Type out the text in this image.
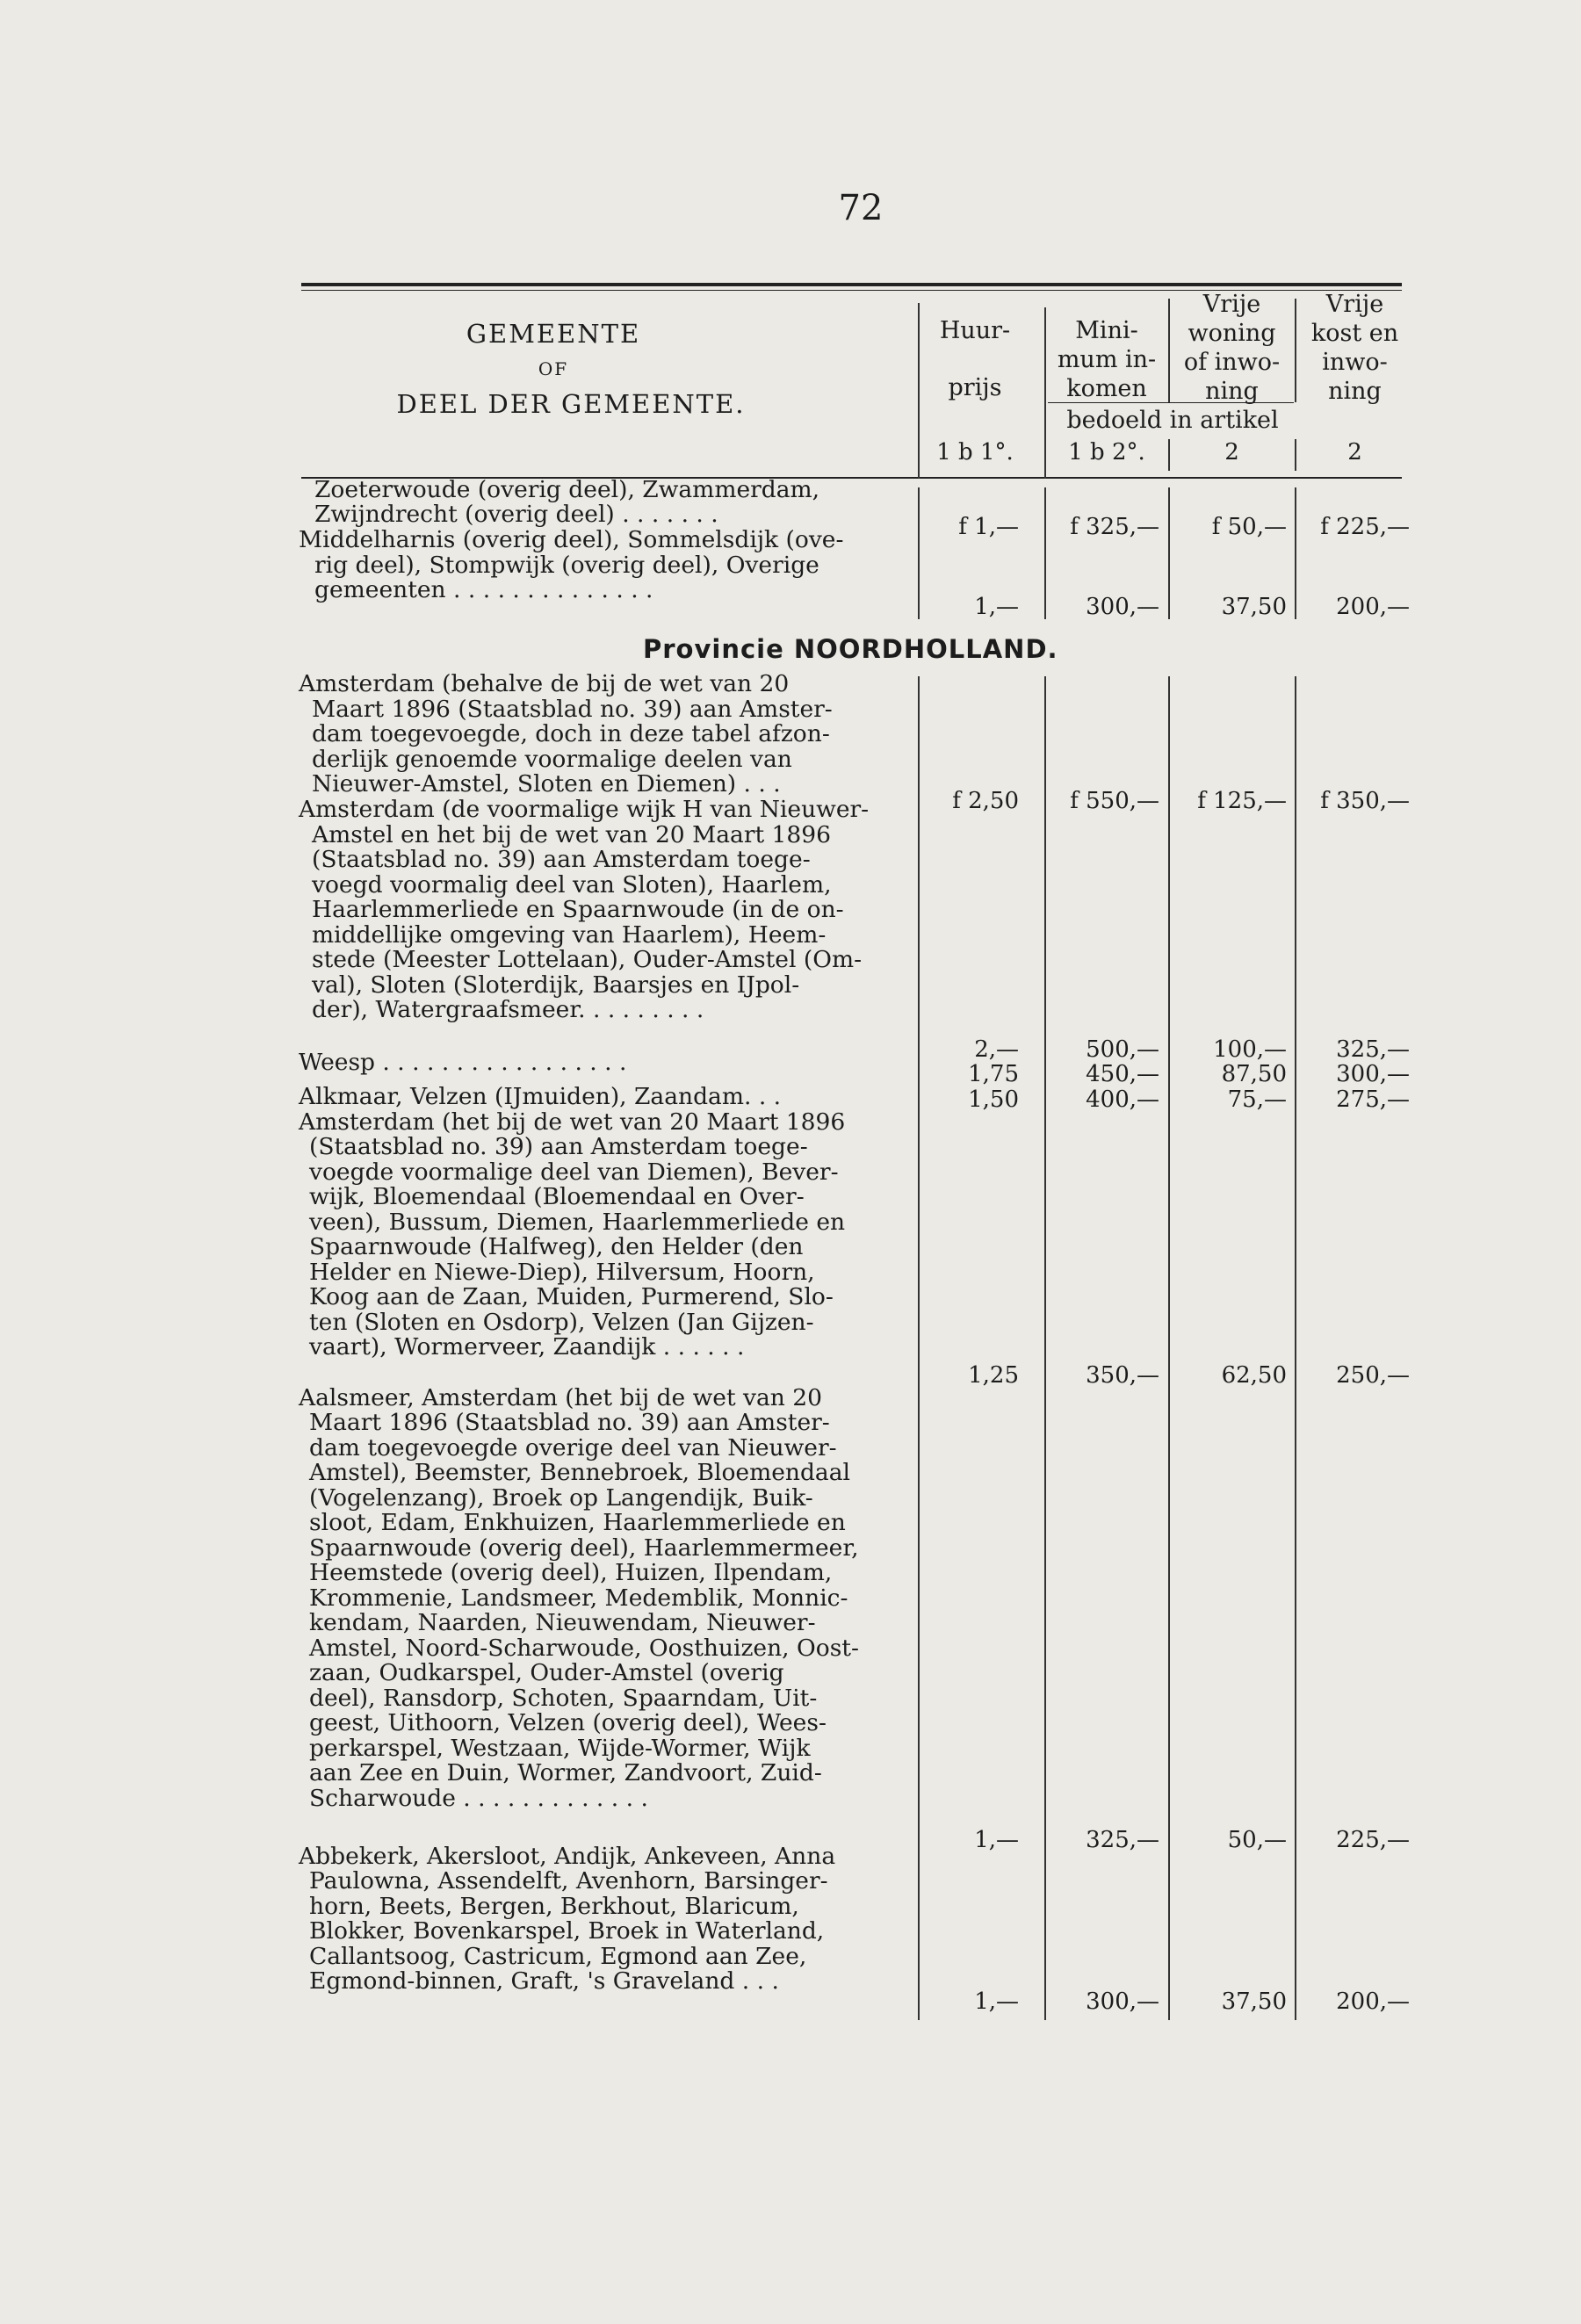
72
GEMEENTE
OF
DEEL DER GEMEENTE.
Huur-
prijs
Mini-
mum in-
komen
Vrije
woning
of inwo-
ning
Vrije
kost en
inwo-
ning
bedoeld in artikel
1 b 1°.	1 b 2°.	2	2
Provincie NOORDHOLLAND.
Zoeterwoude (overig deel), Zwammerdam,
Zwijndrecht (overig deel) . . . . . . .	f 1,—	f 325,—	f 50,—	f 225,—
Middelharnis (overig deel), Sommelsdijk (ove-
rig deel), Stompwijk (overig deel), Overige
gemeenten . . . . . . . . . . . . . .
1,—	300,—	37,50	200,—
Amsterdam (behalve de bij de wet van 20
Maart 1896 (Staatsblad no. 39) aan Amster-
dam toegevoegde, doch in deze tabel afzon-
derlijk genoemde voormalige deelen van
Nieuwer-Amstel, Sloten en Diemen) . . .
f 2,50	f 550,—	f 125,—	f 350,—
Amsterdam (de voormalige wijk H van Nieuwer-
Amstel en het bij de wet van 20 Maart 1896
(Staatsblad no. 39) aan Amsterdam toege-
voegd voormalig deel van Sloten), Haarlem,
Haarlemmerliede en Spaarnwoude (in de on-
middellijke omgeving van Haarlem), Heem-
stede (Meester Lottelaan), Ouder-Amstel (Om-
val), Sloten (Sloterdijk, Baarsjes en IJpol-
der), Watergraafsmeer. . . . . . . . .
2,—	500,—	100,—	325,—
Weesp . . . . . . . . . . . . . . . . .	1,75	450,—	87,50	300,—
Alkmaar, Velzen (IJmuiden), Zaandam. . .	1,50	400,—	75,—	275,—
Amsterdam (het bij de wet van 20 Maart 1896
(Staatsblad no. 39) aan Amsterdam toege-
voegde voormalige deel van Diemen), Bever-
wijk, Bloemendaal (Bloemendaal en Over-
veen), Bussum, Diemen, Haarlemmerliede en
Spaarnwoude (Halfweg), den Helder (den
Helder en Niewe-Diep), Hilversum, Hoorn,
Koog aan de Zaan, Muiden, Purmerend, Slo-
ten (Sloten en Osdorp), Velzen (Jan Gijzen-
vaart), Wormerveer, Zaandijk . . . . . .
1,25	350,—	62,50	250,—
Aalsmeer, Amsterdam (het bij de wet van 20
Maart 1896 (Staatsblad no. 39) aan Amster-
dam toegevoegde overige deel van Nieuwer-
Amstel), Beemster, Bennebroek, Bloemendaal
(Vogelenzang), Broek op Langendijk, Buik-
sloot, Edam, Enkhuizen, Haarlemmerliede en
Spaarnwoude (overig deel), Haarlemmermeer,
Heemstede (overig deel), Huizen, Ilpendam,
Krommenie, Landsmeer, Medemblik, Monnic-
kendam, Naarden, Nieuwendam, Nieuwer-
Amstel, Noord-Scharwoude, Oosthuizen, Oost-
zaan, Oudkarspel, Ouder-Amstel (overig
deel), Ransdorp, Schoten, Spaarndam, Uit-
geest, Uithoorn, Velzen (overig deel), Wees-
perkarspel, Westzaan, Wijde-Wormer, Wijk
aan Zee en Duin, Wormer, Zandvoort, Zuid-
Scharwoude . . . . . . . . . . . . .
1,—	325,—	50,—	225,—
Abbekerk, Akersloot, Andijk, Ankeveen, Anna
Paulowna, Assendelft, Avenhorn, Barsinger-
horn, Beets, Bergen, Berkhout, Blaricum,
Blokker, Bovenkarspel, Broek in Waterland,
Callantsoog, Castricum, Egmond aan Zee,
Egmond-binnen, Graft, 's Graveland . . .
1,—	300,—	37,50	200,—
